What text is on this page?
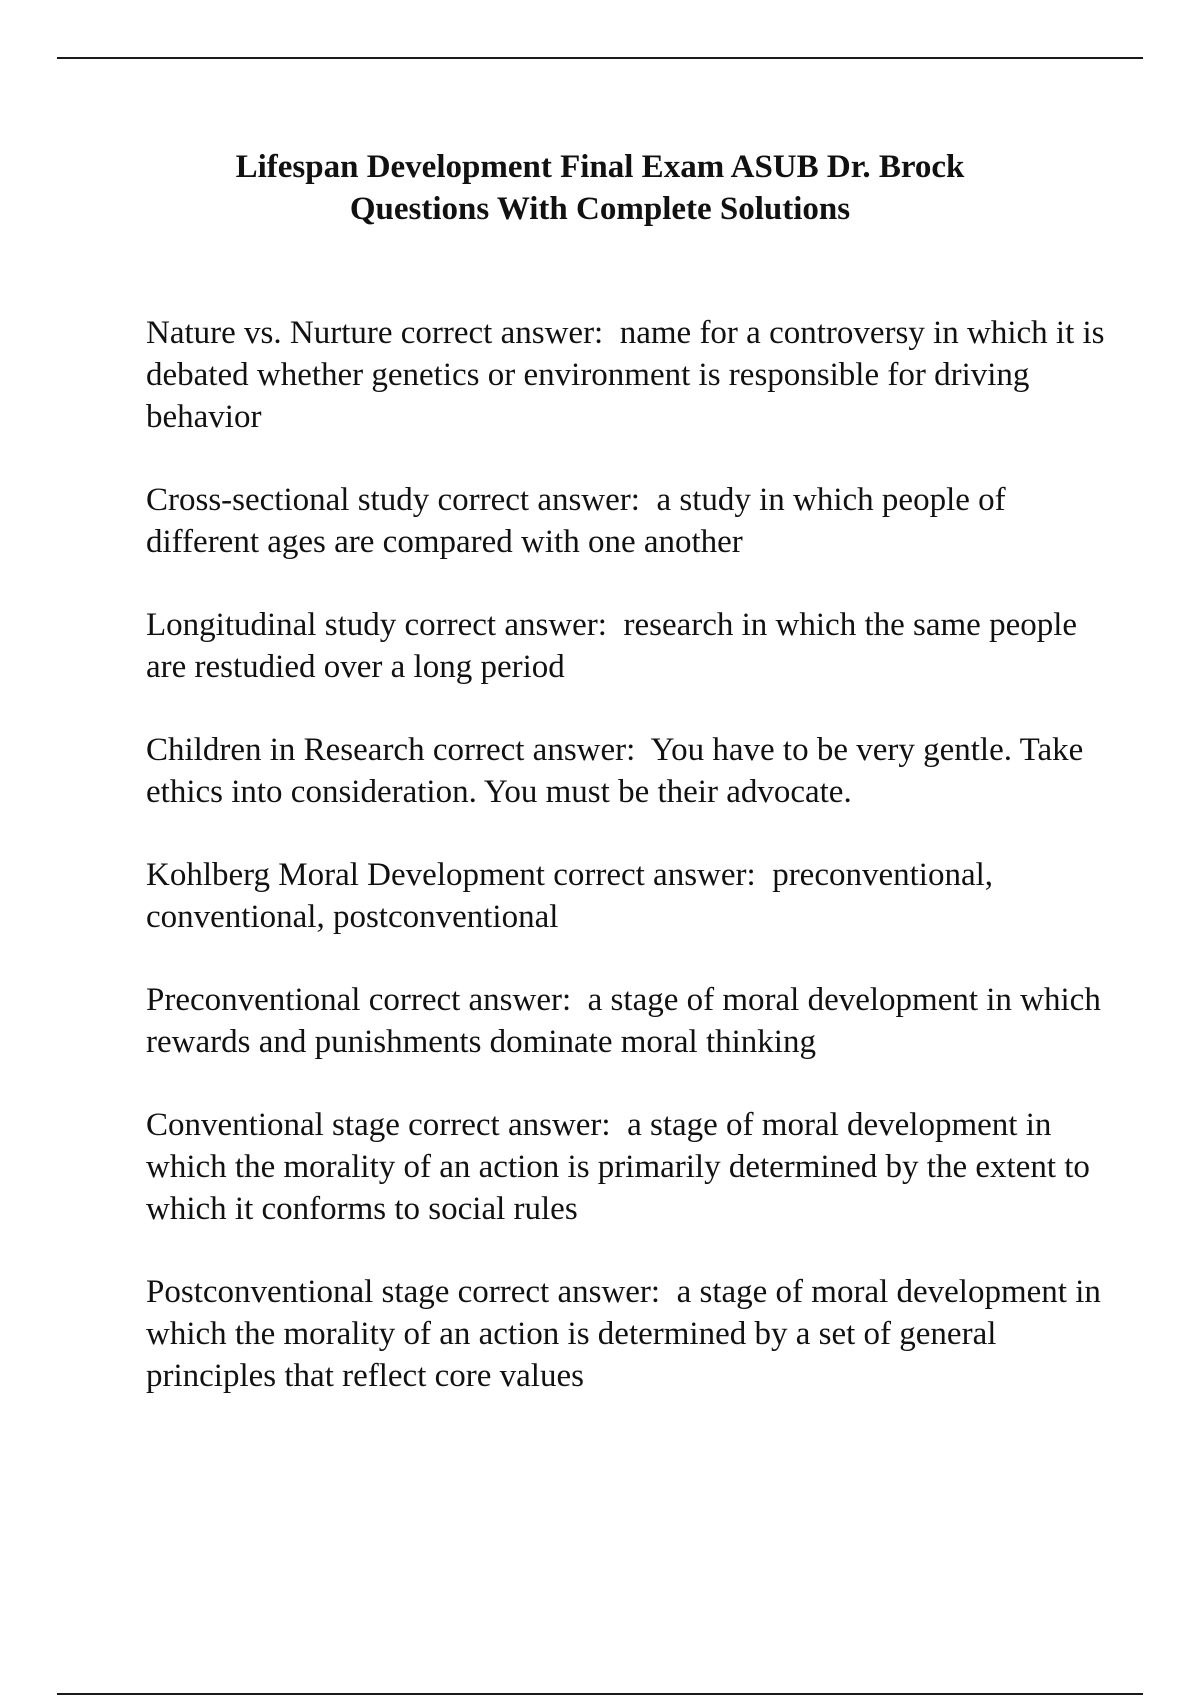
Lifespan Development Final Exam ASUB Dr. Brock
Questions With Complete Solutions

Nature vs. Nurture correct answer:  name for a controversy in which it is debated whether genetics or environment is responsible for driving behavior

Cross-sectional study correct answer:  a study in which people of different ages are compared with one another

Longitudinal study correct answer:  research in which the same people are restudied over a long period

Children in Research correct answer:  You have to be very gentle. Take ethics into consideration. You must be their advocate.

Kohlberg Moral Development correct answer:  preconventional, conventional, postconventional

Preconventional correct answer:  a stage of moral development in which rewards and punishments dominate moral thinking

Conventional stage correct answer:  a stage of moral development in which the morality of an action is primarily determined by the extent to which it conforms to social rules

Postconventional stage correct answer:  a stage of moral development in which the morality of an action is determined by a set of general principles that reflect core values
